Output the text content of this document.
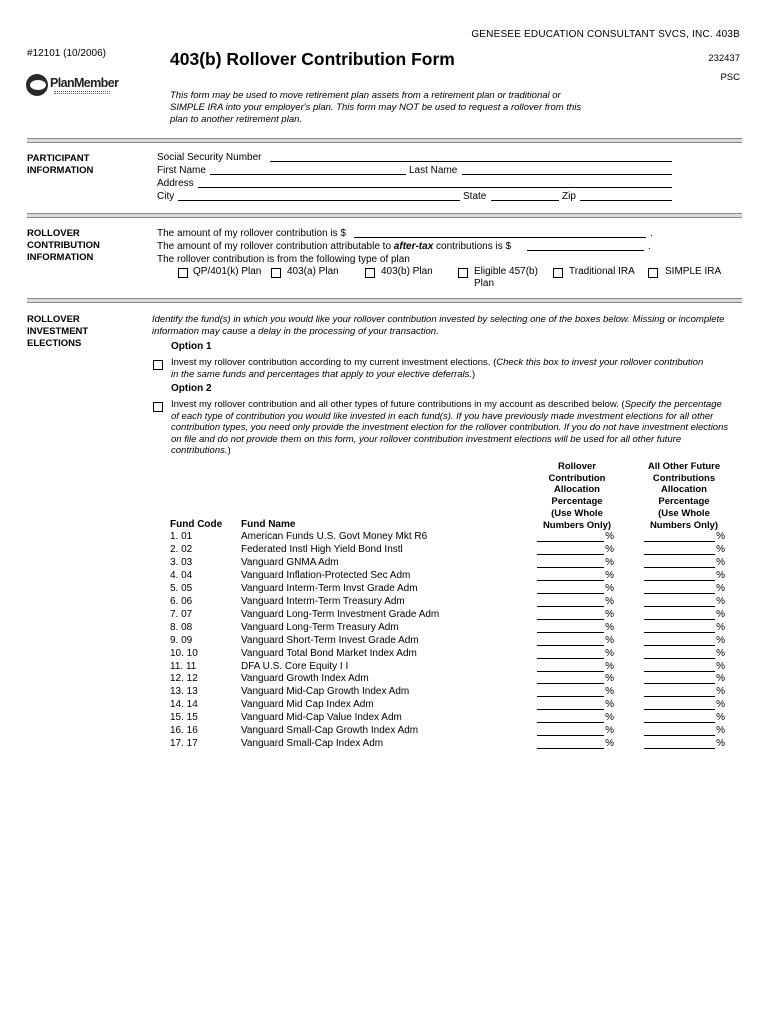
GENESEE EDUCATION CONSULTANT SVCS, INC. 403B
#12101 (10/2006)	403(b) Rollover Contribution Form	232437
PSC
PlanMember
This form may be used to move retirement plan assets from a retirement plan or traditional or SIMPLE IRA into your employer's plan. This form may NOT be used to request a rollover from this plan to another retirement plan.
PARTICIPANT
INFORMATION
Social Security Number
First Name	Last Name
Address
City	State	Zip
ROLLOVER
CONTRIBUTION
INFORMATION
The amount of my rollover contribution is $	.
The amount of my rollover contribution attributable to after-tax contributions is $	.
The rollover contribution is from the following type of plan
QP/401(k) Plan	403(a) Plan	403(b) Plan	Eligible 457(b)
Plan
Traditional IRA	SIMPLE IRA
ROLLOVER
INVESTMENT
ELECTIONS
Identify the fund(s) in which you would like your rollover contribution invested by selecting one of the boxes below. Missing or incomplete information may cause a delay in the processing of your transaction.
Option 1
Invest my rollover contribution according to my current investment elections. (Check this box to invest your rollover contribution in the same funds and percentages that apply to your elective deferrals.)
Option 2
Invest my rollover contribution and all other types of future contributions in my account as described below. (Specify the percentage of each type of contribution you would like invested in each fund(s). If you have previously made investment elections for all other contribution types, you need only provide the investment election for the rollover contribution. If you do not have investment elections on file and do not provide them on this form, your rollover contribution investment elections will be used for all other future contributions.)
Rollover
Contribution
Allocation
Percentage
(Use Whole
Numbers Only)
All Other Future
Contributions
Allocation
Percentage
(Use Whole
Numbers Only)
Fund Code Fund Name
1. 01	American Funds U.S. Govt Money Mkt R6	%	%
2. 02	Federated Instl High Yield Bond Instl	%	%
3. 03	Vanguard GNMA Adm	%	%
4. 04	Vanguard Inflation-Protected Sec Adm	%	%
5. 05	Vanguard Interm-Term Invst Grade Adm	%	%
6. 06	Vanguard Interm-Term Treasury Adm	%	%
7. 07	Vanguard Long-Term Investment Grade Adm	%	%
8. 08	Vanguard Long-Term Treasury Adm	%	%
9. 09	Vanguard Short-Term Invest Grade Adm	%	%
10. 10	Vanguard Total Bond Market Index Adm	%	%
11. 11	DFA U.S. Core Equity I I	%	%
12. 12	Vanguard Growth Index Adm	%	%
13. 13	Vanguard Mid-Cap Growth Index Adm	%	%
14. 14	Vanguard Mid Cap Index Adm	%	%
15. 15	Vanguard Mid-Cap Value Index Adm	%	%
16. 16	Vanguard Small-Cap Growth Index Adm	%	%
17. 17	Vanguard Small-Cap Index Adm	%	%
